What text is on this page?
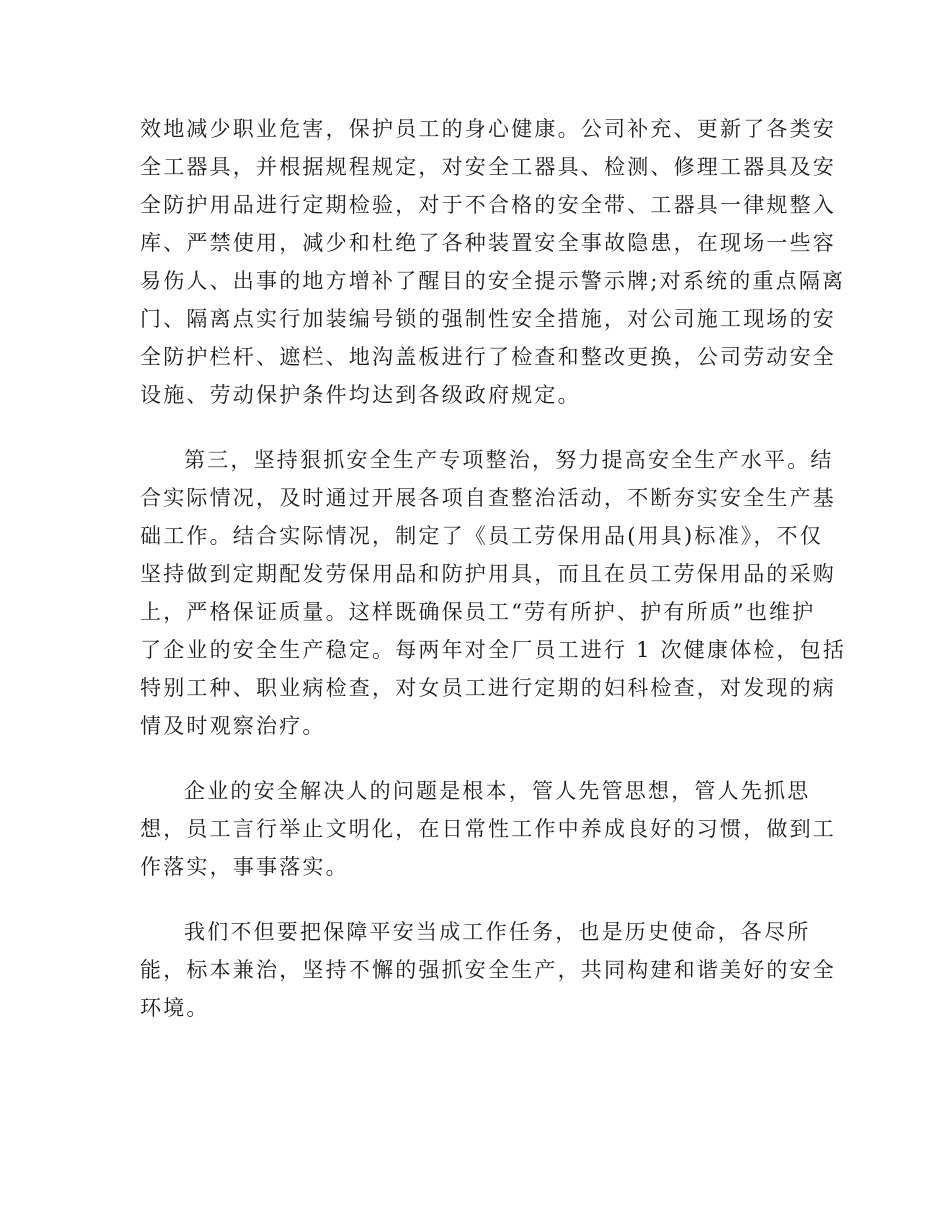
效地减少职业危害，保护员工的身心健康。公司补充、更新了各类安
全工器具，并根据规程规定，对安全工器具、检测、修理工器具及安
全防护用品进行定期检验，对于不合格的安全带、工器具一律规整入
库、严禁使用，减少和杜绝了各种装置安全事故隐患，在现场一些容
易伤人、出事的地方增补了醒目的安全提示警示牌;对系统的重点隔离
门、隔离点实行加装编号锁的强制性安全措施，对公司施工现场的安
全防护栏杆、遮栏、地沟盖板进行了检查和整改更换，公司劳动安全
设施、劳动保护条件均达到各级政府规定。
第三，坚持狠抓安全生产专项整治，努力提高安全生产水平。结
合实际情况，及时通过开展各项自查整治活动，不断夯实安全生产基
础工作。结合实际情况，制定了《员工劳保用品(用具)标准》，不仅
坚持做到定期配发劳保用品和防护用具，而且在员工劳保用品的采购
上，严格保证质量。这样既确保员工“劳有所护、护有所质”也维护
了企业的安全生产稳定。每两年对全厂员工进行 1 次健康体检，包括
特别工种、职业病检查，对女员工进行定期的妇科检查，对发现的病
情及时观察治疗。
企业的安全解决人的问题是根本，管人先管思想，管人先抓思
想，员工言行举止文明化，在日常性工作中养成良好的习惯，做到工
作落实，事事落实。
我们不但要把保障平安当成工作任务，也是历史使命，各尽所
能，标本兼治，坚持不懈的强抓安全生产，共同构建和谐美好的安全
环境。
